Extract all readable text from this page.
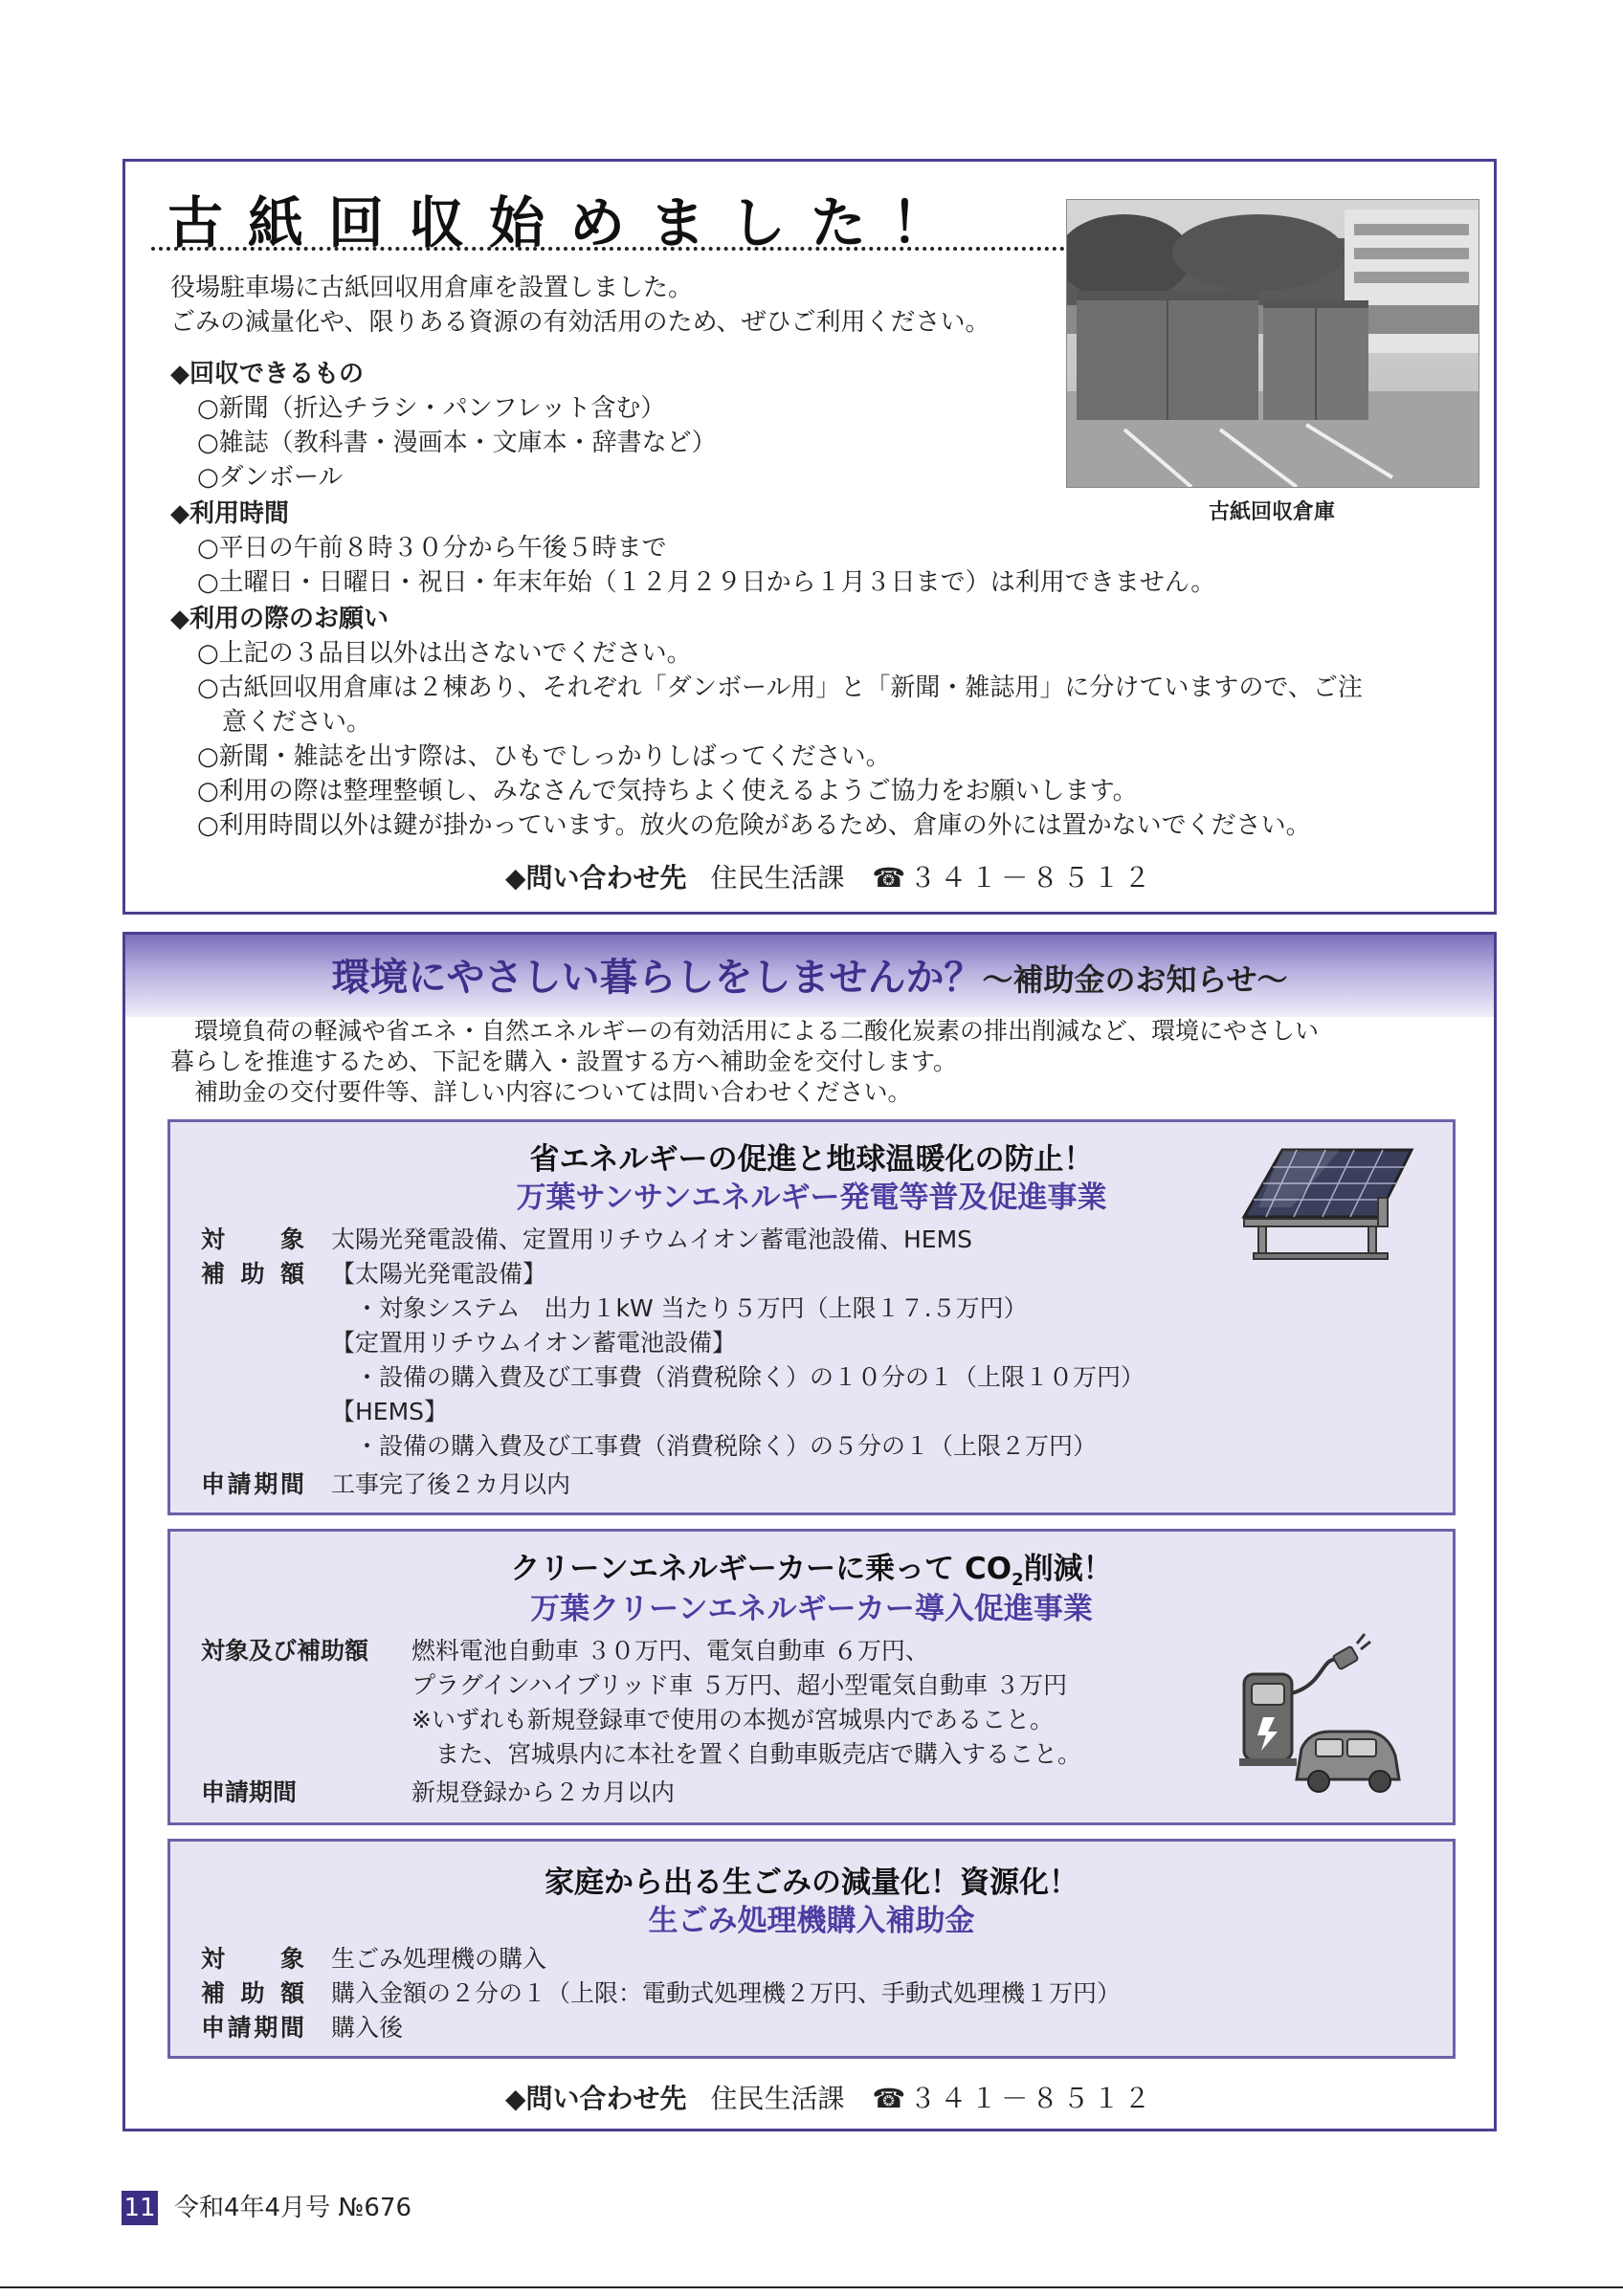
古紙回収始めました！
役場駐車場に古紙回収用倉庫を設置しました。
ごみの減量化や、限りある資源の有効活用のため、ぜひご利用ください。
◆回収できるもの
○新聞（折込チラシ・パンフレット含む）
○雑誌（教科書・漫画本・文庫本・辞書など）
○ダンボール
◆利用時間
○平日の午前８時３０分から午後５時まで
○土曜日・日曜日・祝日・年末年始（１２月２９日から１月３日まで）は利用できません。
◆利用の際のお願い
○上記の３品目以外は出さないでください。
○古紙回収用倉庫は２棟あり、それぞれ「ダンボール用」と「新聞・雑誌用」に分けていますので、ご注
　意ください。
○新聞・雑誌を出す際は、ひもでしっかりしばってください。
○利用の際は整理整頓し、みなさんで気持ちよく使えるようご協力をお願いします。
○利用時間以外は鍵が掛かっています。放火の危険があるため、倉庫の外には置かないでください。
古紙回収倉庫
◆問い合わせ先 住民生活課 ☎３４１－８５１２
環境にやさしい暮らしをしませんか？～補助金のお知らせ～
　環境負荷の軽減や省エネ・自然エネルギーの有効活用による二酸化炭素の排出削減など、環境にやさしい
暮らしを推進するため、下記を購入・設置する方へ補助金を交付します。
　補助金の交付要件等、詳しい内容については問い合わせください。
省エネルギーの促進と地球温暖化の防止！
万葉サンサンエネルギー発電等普及促進事業
対象 太陽光発電設備、定置用リチウムイオン蓄電池設備、HEMS
補助額 【太陽光発電設備】
　・対象システム　出力１kW 当たり５万円（上限１７.５万円）
【定置用リチウムイオン蓄電池設備】
　・設備の購入費及び工事費（消費税除く）の１０分の１（上限１０万円）
【HEMS】
　・設備の購入費及び工事費（消費税除く）の５分の１（上限２万円）
申請期間 工事完了後２カ月以内
クリーンエネルギーカーに乗って $CO_2$削減！
万葉クリーンエネルギーカー導入促進事業
対象及び補助額 燃料電池自動車 ３０万円、電気自動車 ６万円、
プラグインハイブリッド車 ５万円、超小型電気自動車 ３万円
※いずれも新規登録車で使用の本拠が宮城県内であること。
　また、宮城県内に本社を置く自動車販売店で購入すること。
申請期間	新規登録から２カ月以内
家庭から出る生ごみの減量化！資源化！
生ごみ処理機購入補助金
対象 生ごみ処理機の購入
補助額 購入金額の２分の１（上限：電動式処理機２万円、手動式処理機１万円）
申請期間 購入後
◆問い合わせ先 住民生活課 ☎３４１－８５１２
11 令和4年4月号 №676
